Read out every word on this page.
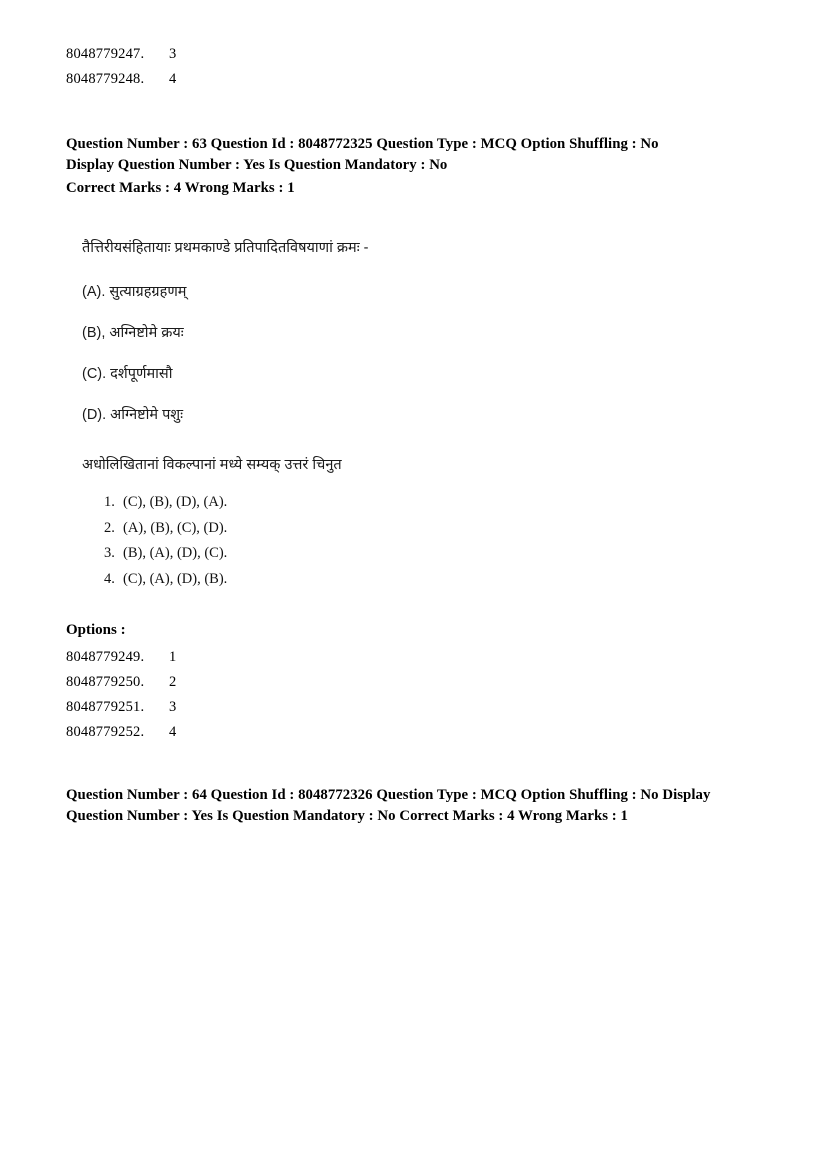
8048779247. 3
8048779248. 4
Question Number : 63 Question Id : 8048772325 Question Type : MCQ Option Shuffling : No
Display Question Number : Yes Is Question Mandatory : No
Correct Marks : 4 Wrong Marks : 1
तैत्तिरीयसंहितायाः प्रथमकाण्डे प्रतिपादितविषयाणां क्रमः -
(A). सुत्याग्रहग्रहणम्
(B), अग्निष्टोमे क्रयः
(C). दर्शपूर्णमासौ
(D). अग्निष्टोमे पशुः
अधोलिखितानां विकल्पानां मध्ये सम्यक् उत्तरं चिनुत
1. (C), (B), (D), (A).
2. (A), (B), (C), (D).
3. (B), (A), (D), (C).
4. (C), (A), (D), (B).
Options :
8048779249. 1
8048779250. 2
8048779251. 3
8048779252. 4
Question Number : 64 Question Id : 8048772326 Question Type : MCQ Option Shuffling : No Display Question Number : Yes Is Question Mandatory : No Correct Marks : 4 Wrong Marks : 1
